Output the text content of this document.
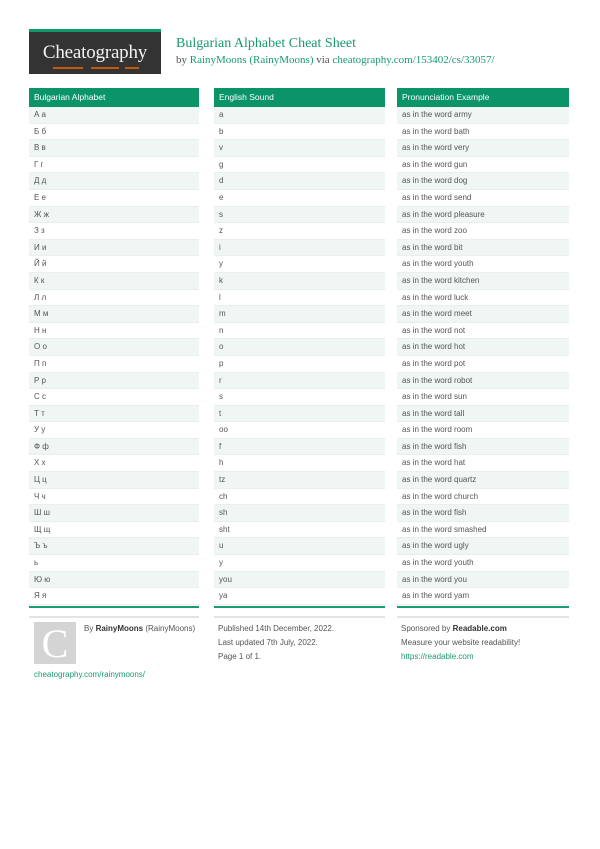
Cheatography	Bulgarian Alphabet Cheat Sheet
by RainyMoons (RainyMoons) via cheatography.com/153402/cs/33057/
Bulgarian Alphabet
А а
Б б
В в
Г г
Д д
Е е
Ж ж
З з
И и
Й й
К к
Л л
М м
Н н
О о
П п
Р р
С с
Т т
У у
Ф ф
Х х
Ц ц
Ч ч
Ш ш
Щ щ
Ъ ъ
ь
Ю ю
Я я
English Sound
a
b
v
g
d
e
s
z
i
y
k
l
m
n
o
p
r
s
t
oo
f
h
tz
ch
sh
sht
u
y
you
ya
Pronunciation Example
as in the word army
as in the word bath
as in the word very
as in the word gun
as in the word dog
as in the word send
as in the word pleasure
as in the word zoo
as in the word bit
as in the word youth
as in the word kitchen
as in the word luck
as in the word meet
as in the word not
as in the word hot
as in the word pot
as in the word robot
as in the word sun
as in the word tall
as in the word room
as in the word fish
as in the word hat
as in the word quartz
as in the word church
as in the word fish
as in the word smashed
as in the word ugly
as in the word youth
as in the word you
as in the word yam
C	By RainyMoons (RainyMoons)
cheatography.com/rainymoons/
Published 14th December, 2022.
Last updated 7th July, 2022.
Page 1 of 1.
Sponsored by Readable.com
Measure your website readability!
https://readable.com
